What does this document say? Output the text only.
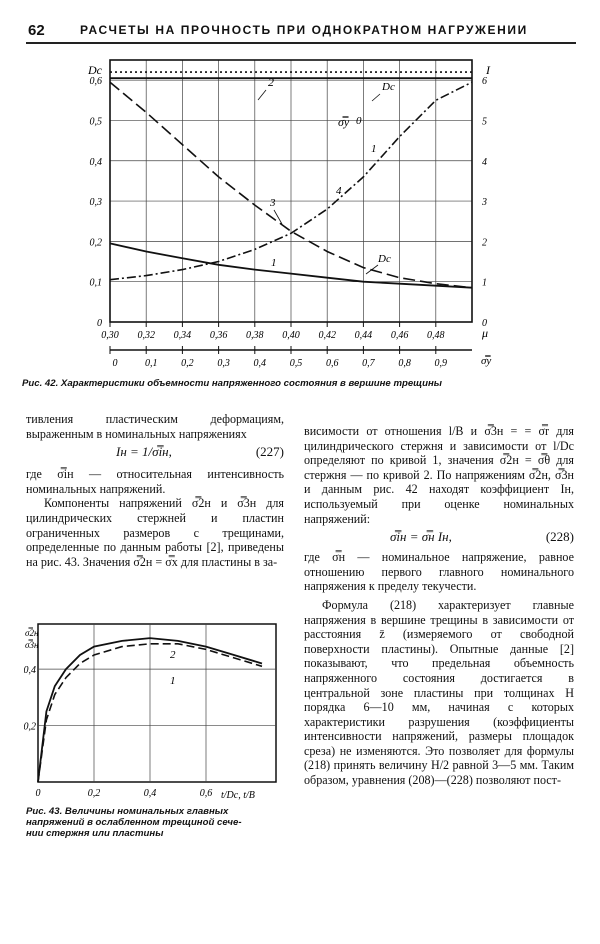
62	РАСЧЕТЫ НА ПРОЧНОСТЬ ПРИ ОДНОКРАТНОМ НАГРУЖЕНИИ
0,30 0,32 0,34 0,36 0,38 0,40 0,42 0,44 0,46 0,48
0
0,1
0,2
0,3
0,4
0,5
0,6
0
1
2
3
4
5
6
0	0,1 0,2 0,3 0,4 0,5 0,6 0,7 0,8 0,9
Dc	I
μ
σ̿y
2	Dc
σ̿y 0
1
4
3
1	Dc
Рис. 42. Характеристики объемности напряженного состояния в вершине трещины

тивления пластическим деформациям, выраженным в номинальных напряжениях

Iн = 1/σ̿iн,	(227)

где σ̿iн — относительная интенсивность номинальных напряжений.

Компоненты напряжений σ̿2н и σ̿3н для цилиндрических стержней и пластин ограниченных размеров с трещинами, определенные по данным работы [2], приведены на рис. 43. Значения σ̿2н = σ̿x для пластины в за-

0	0,2	0,4	0,6
0,2
0,4
σ̿2н
σ̿3н
t/Dc, t/B
2
1
Рис. 43. Величины номинальных главных
напряжений в ослабленном трещиной сече-
нии стержня или пластины

висимости от отношения l/B и σ̿3н = = σ̿r для цилиндрического стержня и зависимости от l/Dc определяют по кривой 1, значения σ̿2н = σ̿θ для стержня — по кривой 2. По напряжениям σ̿2н, σ̿3н и данным рис. 42 находят коэффициент Iн, используемый при оценке номинальных напряжений:

σ̿iн = σ̿н Iн,	(228)

где σ̿н — номинальное напряжение, равное отношению первого главного номинального напряжения к пределу текучести.

Формула (218) характеризует главные напряжения в вершине трещины в зависимости от расстояния z̄ (измеряемого от свободной поверхности пластины). Опытные данные [2] показывают, что предельная объемность напряженного состояния достигается в центральной зоне пластины при толщинах H порядка 6—10 мм, начиная с которых характеристики разрушения (коэффициенты интенсивности напряжений, размеры площадок среза) не изменяются. Это позволяет для формулы (218) принять величину H/2 равной 3—5 мм. Таким образом, уравнения (208)—(228) позволяют пост-
